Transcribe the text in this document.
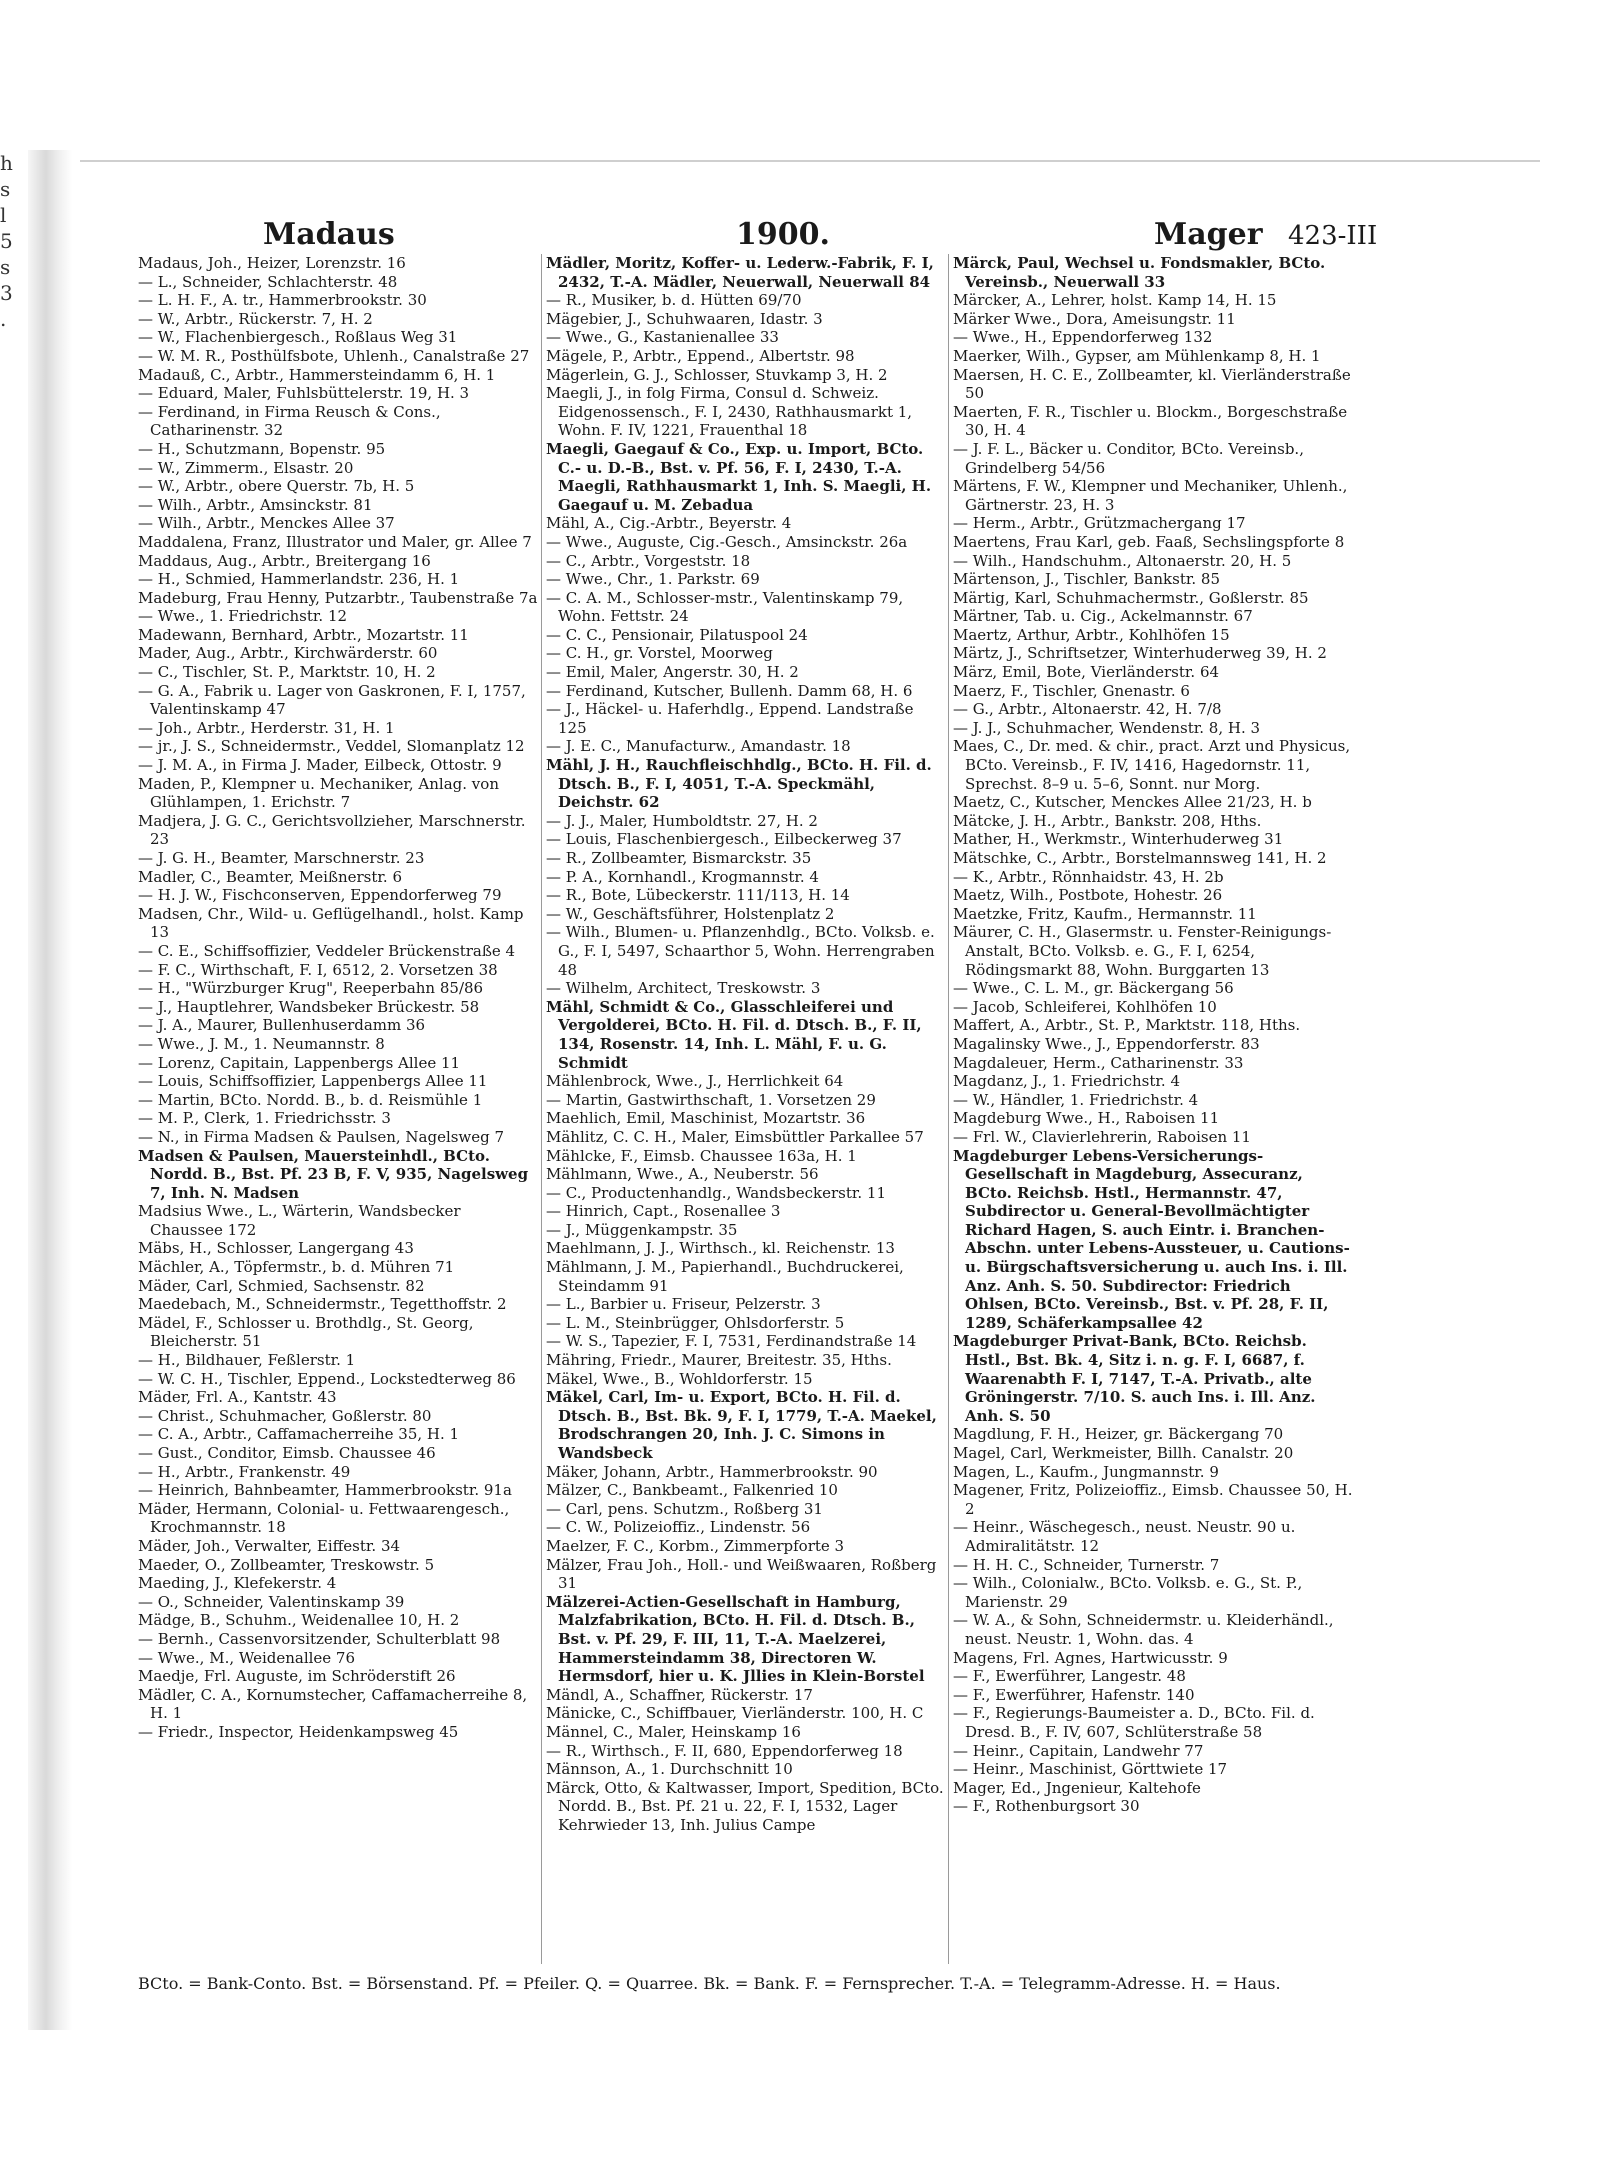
h
s
l
5
s
3
.
Madaus	1900.	Mager 423-III

Madaus, Joh., Heizer, Lorenzstr. 16

— L., Schneider, Schlachterstr. 48

— L. H. F., A. tr., Hammerbrookstr. 30

— W., Arbtr., Rückerstr. 7, H. 2

— W., Flachenbiergesch., Roßlaus Weg 31

— W. M. R., Posthülfsbote, Uhlenh., Canalstraße 27

Madauß, C., Arbtr., Hammersteindamm 6, H. 1

— Eduard, Maler, Fuhlsbüttelerstr. 19, H. 3

— Ferdinand, in Firma Reusch & Cons., Catharinenstr. 32

— H., Schutzmann, Bopenstr. 95

— W., Zimmerm., Elsastr. 20

— W., Arbtr., obere Querstr. 7b, H. 5

— Wilh., Arbtr., Amsinckstr. 81

— Wilh., Arbtr., Menckes Allee 37

Maddalena, Franz, Illustrator und Maler, gr. Allee 7

Maddaus, Aug., Arbtr., Breitergang 16

— H., Schmied, Hammerlandstr. 236, H. 1

Madeburg, Frau Henny, Putzarbtr., Taubenstraße 7a

— Wwe., 1. Friedrichstr. 12

Madewann, Bernhard, Arbtr., Mozartstr. 11

Mader, Aug., Arbtr., Kirchwärderstr. 60

— C., Tischler, St. P., Marktstr. 10, H. 2

— G. A., Fabrik u. Lager von Gaskronen, F. I, 1757, Valentinskamp 47

— Joh., Arbtr., Herderstr. 31, H. 1

— jr., J. S., Schneidermstr., Veddel, Slomanplatz 12

— J. M. A., in Firma J. Mader, Eilbeck, Ottostr. 9

Maden, P., Klempner u. Mechaniker, Anlag. von Glühlampen, 1. Erichstr. 7

Madjera, J. G. C., Gerichtsvollzieher, Marschnerstr. 23

— J. G. H., Beamter, Marschnerstr. 23

Madler, C., Beamter, Meißnerstr. 6

— H. J. W., Fischconserven, Eppendorferweg 79

Madsen, Chr., Wild- u. Geflügelhandl., holst. Kamp 13

— C. E., Schiffsoffizier, Veddeler Brückenstraße 4

— F. C., Wirthschaft, F. I, 6512, 2. Vorsetzen 38

— H., "Würzburger Krug", Reeperbahn 85/86

— J., Hauptlehrer, Wandsbeker Brückestr. 58

— J. A., Maurer, Bullenhuserdamm 36

— Wwe., J. M., 1. Neumannstr. 8

— Lorenz, Capitain, Lappenbergs Allee 11

— Louis, Schiffsoffizier, Lappenbergs Allee 11

— Martin, BCto. Nordd. B., b. d. Reismühle 1

— M. P., Clerk, 1. Friedrichsstr. 3

— N., in Firma Madsen & Paulsen, Nagelsweg 7

Madsen & Paulsen, Mauersteinhdl., BCto. Nordd. B., Bst. Pf. 23 B, F. V, 935, Nagelsweg 7, Inh. N. Madsen

Madsius Wwe., L., Wärterin, Wandsbecker Chaussee 172

Mäbs, H., Schlosser, Langergang 43

Mächler, A., Töpfermstr., b. d. Mühren 71

Mäder, Carl, Schmied, Sachsenstr. 82

Maedebach, M., Schneidermstr., Tegetthoffstr. 2

Mädel, F., Schlosser u. Brothdlg., St. Georg, Bleicherstr. 51

— H., Bildhauer, Feßlerstr. 1

— W. C. H., Tischler, Eppend., Lockstedterweg 86

Mäder, Frl. A., Kantstr. 43

— Christ., Schuhmacher, Goßlerstr. 80

— C. A., Arbtr., Caffamacherreihe 35, H. 1

— Gust., Conditor, Eimsb. Chaussee 46

— H., Arbtr., Frankenstr. 49

— Heinrich, Bahnbeamter, Hammerbrookstr. 91a

Mäder, Hermann, Colonial- u. Fettwaarengesch., Krochmannstr. 18

Mäder, Joh., Verwalter, Eiffestr. 34

Maeder, O., Zollbeamter, Treskowstr. 5

Maeding, J., Klefekerstr. 4

— O., Schneider, Valentinskamp 39

Mädge, B., Schuhm., Weidenallee 10, H. 2

— Bernh., Cassenvorsitzender, Schulterblatt 98

— Wwe., M., Weidenallee 76

Maedje, Frl. Auguste, im Schröderstift 26

Mädler, C. A., Kornumstecher, Caffamacherreihe 8, H. 1

— Friedr., Inspector, Heidenkampsweg 45

Mädler, Moritz, Koffer- u. Lederw.-Fabrik, F. I, 2432, T.-A. Mädler, Neuerwall, Neuerwall 84

— R., Musiker, b. d. Hütten 69/70

Mägebier, J., Schuhwaaren, Idastr. 3

— Wwe., G., Kastanienallee 33

Mägele, P., Arbtr., Eppend., Albertstr. 98

Mägerlein, G. J., Schlosser, Stuvkamp 3, H. 2

Maegli, J., in folg Firma, Consul d. Schweiz. Eidgenossensch., F. I, 2430, Rathhausmarkt 1, Wohn. F. IV, 1221, Frauenthal 18

Maegli, Gaegauf & Co., Exp. u. Import, BCto. C.- u. D.-B., Bst. v. Pf. 56, F. I, 2430, T.-A. Maegli, Rathhausmarkt 1, Inh. S. Maegli, H. Gaegauf u. M. Zebadua

Mähl, A., Cig.-Arbtr., Beyerstr. 4

— Wwe., Auguste, Cig.-Gesch., Amsinckstr. 26a

— C., Arbtr., Vorgeststr. 18

— Wwe., Chr., 1. Parkstr. 69

— C. A. M., Schlosser-mstr., Valentinskamp 79, Wohn. Fettstr. 24

— C. C., Pensionair, Pilatuspool 24

— C. H., gr. Vorstel, Moorweg

— Emil, Maler, Angerstr. 30, H. 2

— Ferdinand, Kutscher, Bullenh. Damm 68, H. 6

— J., Häckel- u. Haferhdlg., Eppend. Landstraße 125

— J. E. C., Manufacturw., Amandastr. 18

Mähl, J. H., Rauchfleischhdlg., BCto. H. Fil. d. Dtsch. B., F. I, 4051, T.-A. Speckmähl, Deichstr. 62

— J. J., Maler, Humboldtstr. 27, H. 2

— Louis, Flaschenbiergesch., Eilbeckerweg 37

— R., Zollbeamter, Bismarckstr. 35

— P. A., Kornhandl., Krogmannstr. 4

— R., Bote, Lübeckerstr. 111/113, H. 14

— W., Geschäftsführer, Holstenplatz 2

— Wilh., Blumen- u. Pflanzenhdlg., BCto. Volksb. e. G., F. I, 5497, Schaarthor 5, Wohn. Herrengraben 48

— Wilhelm, Architect, Treskowstr. 3

Mähl, Schmidt & Co., Glasschleiferei und Vergolderei, BCto. H. Fil. d. Dtsch. B., F. II, 134, Rosenstr. 14, Inh. L. Mähl, F. u. G. Schmidt

Mählenbrock, Wwe., J., Herrlichkeit 64

— Martin, Gastwirthschaft, 1. Vorsetzen 29

Maehlich, Emil, Maschinist, Mozartstr. 36

Mählitz, C. C. H., Maler, Eimsbüttler Parkallee 57

Mählcke, F., Eimsb. Chaussee 163a, H. 1

Mählmann, Wwe., A., Neuberstr. 56

— C., Productenhandlg., Wandsbeckerstr. 11

— Hinrich, Capt., Rosenallee 3

— J., Müggenkampstr. 35

Maehlmann, J. J., Wirthsch., kl. Reichenstr. 13

Mählmann, J. M., Papierhandl., Buchdruckerei, Steindamm 91

— L., Barbier u. Friseur, Pelzerstr. 3

— L. M., Steinbrügger, Ohlsdorferstr. 5

— W. S., Tapezier, F. I, 7531, Ferdinandstraße 14

Mähring, Friedr., Maurer, Breitestr. 35, Hths.

Mäkel, Wwe., B., Wohldorferstr. 15

Mäkel, Carl, Im- u. Export, BCto. H. Fil. d. Dtsch. B., Bst. Bk. 9, F. I, 1779, T.-A. Maekel, Brodschrangen 20, Inh. J. C. Simons in Wandsbeck

Mäker, Johann, Arbtr., Hammerbrookstr. 90

Mälzer, C., Bankbeamt., Falkenried 10

— Carl, pens. Schutzm., Roßberg 31

— C. W., Polizeioffiz., Lindenstr. 56

Maelzer, F. C., Korbm., Zimmerpforte 3

Mälzer, Frau Joh., Holl.- und Weißwaaren, Roßberg 31

Mälzerei-Actien-Gesellschaft in Hamburg, Malzfabrikation, BCto. H. Fil. d. Dtsch. B., Bst. v. Pf. 29, F. III, 11, T.-A. Maelzerei, Hammersteindamm 38, Directoren W. Hermsdorf, hier u. K. Jllies in Klein-Borstel

Mändl, A., Schaffner, Rückerstr. 17

Mänicke, C., Schiffbauer, Vierländerstr. 100, H. C

Männel, C., Maler, Heinskamp 16

— R., Wirthsch., F. II, 680, Eppendorferweg 18

Männson, A., 1. Durchschnitt 10

Märck, Otto, & Kaltwasser, Import, Spedition, BCto. Nordd. B., Bst. Pf. 21 u. 22, F. I, 1532, Lager Kehrwieder 13, Inh. Julius Campe

Märck, Paul, Wechsel u. Fondsmakler, BCto. Vereinsb., Neuerwall 33

Märcker, A., Lehrer, holst. Kamp 14, H. 15

Märker Wwe., Dora, Ameisungstr. 11

— Wwe., H., Eppendorferweg 132

Maerker, Wilh., Gypser, am Mühlenkamp 8, H. 1

Maersen, H. C. E., Zollbeamter, kl. Vierländerstraße 50

Maerten, F. R., Tischler u. Blockm., Borgeschstraße 30, H. 4

— J. F. L., Bäcker u. Conditor, BCto. Vereinsb., Grindelberg 54/56

Märtens, F. W., Klempner und Mechaniker, Uhlenh., Gärtnerstr. 23, H. 3

— Herm., Arbtr., Grützmachergang 17

Maertens, Frau Karl, geb. Faaß, Sechslingspforte 8

— Wilh., Handschuhm., Altonaerstr. 20, H. 5

Märtenson, J., Tischler, Bankstr. 85

Märtig, Karl, Schuhmachermstr., Goßlerstr. 85

Märtner, Tab. u. Cig., Ackelmannstr. 67

Maertz, Arthur, Arbtr., Kohlhöfen 15

Märtz, J., Schriftsetzer, Winterhuderweg 39, H. 2

März, Emil, Bote, Vierländerstr. 64

Maerz, F., Tischler, Gnenastr. 6

— G., Arbtr., Altonaerstr. 42, H. 7/8

— J. J., Schuhmacher, Wendenstr. 8, H. 3

Maes, C., Dr. med. & chir., pract. Arzt und Physicus, BCto. Vereinsb., F. IV, 1416, Hagedornstr. 11, Sprechst. 8–9 u. 5–6, Sonnt. nur Morg.

Maetz, C., Kutscher, Menckes Allee 21/23, H. b

Mätcke, J. H., Arbtr., Bankstr. 208, Hths.

Mather, H., Werkmstr., Winterhuderweg 31

Mätschke, C., Arbtr., Borstelmannsweg 141, H. 2

— K., Arbtr., Rönnhaidstr. 43, H. 2b

Maetz, Wilh., Postbote, Hohestr. 26

Maetzke, Fritz, Kaufm., Hermannstr. 11

Mäurer, C. H., Glasermstr. u. Fenster-Reinigungs-Anstalt, BCto. Volksb. e. G., F. I, 6254, Rödingsmarkt 88, Wohn. Burggarten 13

— Wwe., C. L. M., gr. Bäckergang 56

— Jacob, Schleiferei, Kohlhöfen 10

Maffert, A., Arbtr., St. P., Marktstr. 118, Hths.

Magalinsky Wwe., J., Eppendorferstr. 83

Magdaleuer, Herm., Catharinenstr. 33

Magdanz, J., 1. Friedrichstr. 4

— W., Händler, 1. Friedrichstr. 4

Magdeburg Wwe., H., Raboisen 11

— Frl. W., Clavierlehrerin, Raboisen 11

Magdeburger Lebens-Versicherungs-Gesellschaft in Magdeburg, Assecuranz, BCto. Reichsb. Hstl., Hermannstr. 47, Subdirector u. General-Bevollmächtigter Richard Hagen, S. auch Eintr. i. Branchen-Abschn. unter Lebens-Aussteuer, u. Cautions- u. Bürgschaftsversicherung u. auch Ins. i. Ill. Anz. Anh. S. 50. Subdirector: Friedrich Ohlsen, BCto. Vereinsb., Bst. v. Pf. 28, F. II, 1289, Schäferkampsallee 42

Magdeburger Privat-Bank, BCto. Reichsb. Hstl., Bst. Bk. 4, Sitz i. n. g. F. I, 6687, f. Waarenabth F. I, 7147, T.-A. Privatb., alte Gröningerstr. 7/10. S. auch Ins. i. Ill. Anz. Anh. S. 50

Magdlung, F. H., Heizer, gr. Bäckergang 70

Magel, Carl, Werkmeister, Billh. Canalstr. 20

Magen, L., Kaufm., Jungmannstr. 9

Magener, Fritz, Polizeioffiz., Eimsb. Chaussee 50, H. 2

— Heinr., Wäschegesch., neust. Neustr. 90 u. Admiralitätstr. 12

— H. H. C., Schneider, Turnerstr. 7

— Wilh., Colonialw., BCto. Volksb. e. G., St. P., Marienstr. 29

— W. A., & Sohn, Schneidermstr. u. Kleiderhändl., neust. Neustr. 1, Wohn. das. 4

Magens, Frl. Agnes, Hartwicusstr. 9

— F., Ewerführer, Langestr. 48

— F., Ewerführer, Hafenstr. 140

— F., Regierungs-Baumeister a. D., BCto. Fil. d. Dresd. B., F. IV, 607, Schlüterstraße 58

— Heinr., Capitain, Landwehr 77

— Heinr., Maschinist, Görttwiete 17

Mager, Ed., Jngenieur, Kaltehofe

— F., Rothenburgsort 30

BCto. = Bank-Conto. Bst. = Börsenstand. Pf. = Pfeiler. Q. = Quarree. Bk. = Bank. F. = Fernsprecher. T.-A. = Telegramm-Adresse. H. = Haus.
